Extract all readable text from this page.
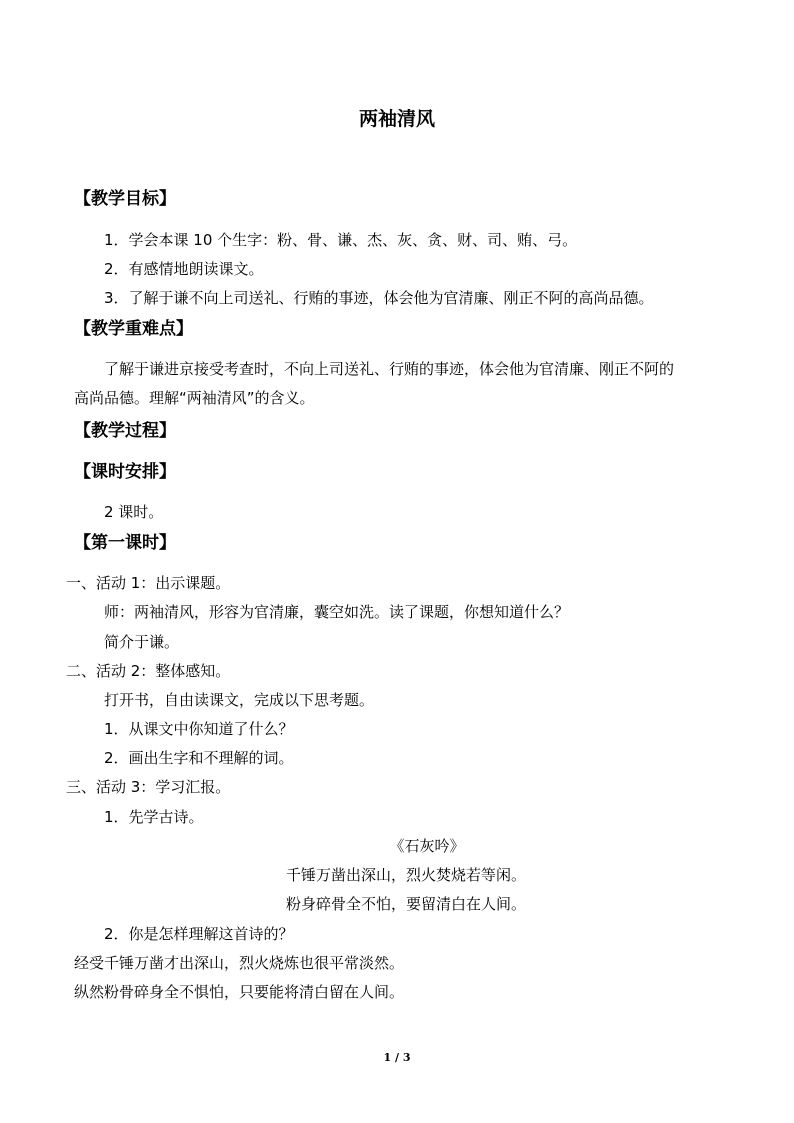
两袖清风
【教学目标】
1．学会本课 10 个生字：粉、骨、谦、杰、灰、贪、财、司、贿、弓。
2．有感情地朗读课文。
3．了解于谦不向上司送礼、行贿的事迹，体会他为官清廉、刚正不阿的高尚品德。
【教学重难点】
了解于谦进京接受考查时，不向上司送礼、行贿的事迹，体会他为官清廉、刚正不阿的
高尚品德。理解“两袖清风”的含义。
【教学过程】
【课时安排】
2 课时。
【第一课时】
一、活动 1：出示课题。
师：两袖清风，形容为官清廉，囊空如洗。读了课题，你想知道什么？
简介于谦。
二、活动 2：整体感知。
打开书，自由读课文，完成以下思考题。
1．从课文中你知道了什么？
2．画出生字和不理解的词。
三、活动 3：学习汇报。
1．先学古诗。
《石灰吟》
千锤万凿出深山，烈火焚烧若等闲。
粉身碎骨全不怕，要留清白在人间。
2．你是怎样理解这首诗的？
经受千锤万凿才出深山，烈火烧炼也很平常淡然。
纵然粉骨碎身全不惧怕，只要能将清白留在人间。
1 / 3
